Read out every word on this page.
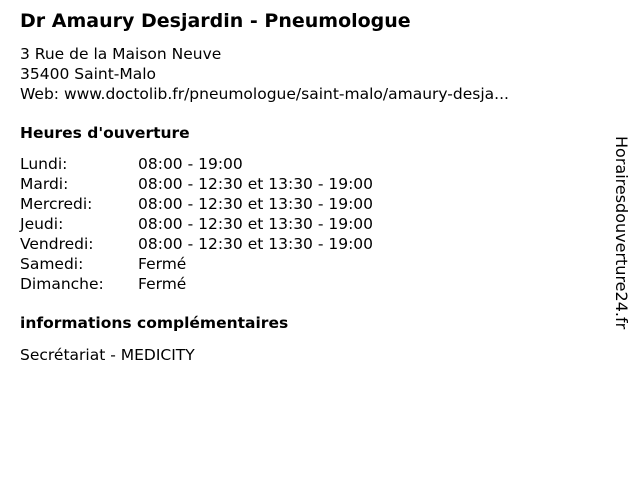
Dr Amaury Desjardin - Pneumologue
3 Rue de la Maison Neuve
35400 Saint-Malo
Web: www.doctolib.fr/pneumologue/saint-malo/amaury-desja...
Heures d'ouverture
Lundi:	08:00 - 19:00
Mardi:	08:00 - 12:30 et 13:30 - 19:00
Mercredi:	08:00 - 12:30 et 13:30 - 19:00
Jeudi:	08:00 - 12:30 et 13:30 - 19:00
Vendredi:	08:00 - 12:30 et 13:30 - 19:00
Samedi:	Fermé
Dimanche:	Fermé
informations complémentaires
Secrétariat - MEDICITY
Horairesdouverture24.fr
